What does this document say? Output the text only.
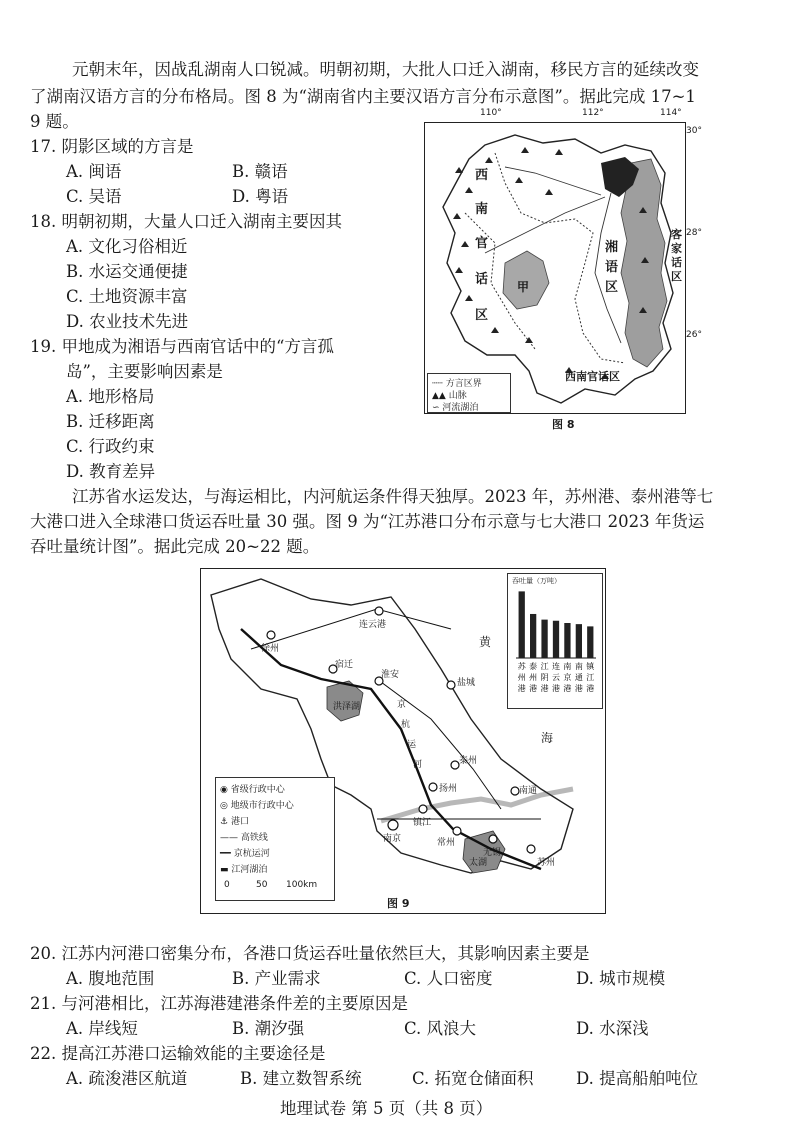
元朝末年，因战乱湖南人口锐减。明朝初期，大批人口迁入湖南，移民方言的延续改变
了湖南汉语方言的分布格局。图 8 为“湖南省内主要汉语方言分布示意图”。据此完成 17~1
9 题。
17. 阴影区域的方言是
A. 闽语	B. 赣语
C. 吴语	D. 粤语
18. 明朝初期，大量人口迁入湖南主要因其
A. 文化习俗相近
B. 水运交通便捷
C. 土地资源丰富
D. 农业技术先进
19. 甲地成为湘语与西南官话中的“方言孤
岛”，主要影响因素是
A. 地形格局
B. 迁移距离
C. 行政约束
D. 教育差异
110°	112°	114°
湘
语
区
西
南
官
话
区
甲
客
家
话
区
西南官话区
┄┄ 方言区界
▲▲ 山脉
∽ 河流湖泊
30°
28°
26°
图 8
江苏省水运发达，与海运相比，内河航运条件得天独厚。2023 年，苏州港、泰州港等七
大港口进入全球港口货运吞吐量 30 强。图 9 为“江苏港口分布示意与七大港口 2023 年货运
吞吐量统计图”。据此完成 20~22 题。
连云港
徐州
宿迁
淮安
盐城
泰州
扬州
镇江
南京	常州
无锡
南通
苏州
洪泽湖
太湖
京
杭
运
河
海
黄
◉ 省级行政中心
◎ 地级市行政中心
⚓ 港口
—— 高铁线
━━ 京杭运河
▬ 江河湖泊
0	50 100km
吞吐量（万吨）
苏
州
港
泰
州
港
江
阴
港
连
云
港
南
京
港
南
通
港
镇
江
港
图 9
20. 江苏内河港口密集分布，各港口货运吞吐量依然巨大，其影响因素主要是
A. 腹地范围	B. 产业需求	C. 人口密度	D. 城市规模
21. 与河港相比，江苏海港建港条件差的主要原因是
A. 岸线短	B. 潮汐强	C. 风浪大	D. 水深浅
22. 提高江苏港口运输效能的主要途径是
A. 疏浚港区航道	B. 建立数智系统	C. 拓宽仓储面积	D. 提高船舶吨位
地理试卷 第 5 页（共 8 页）
